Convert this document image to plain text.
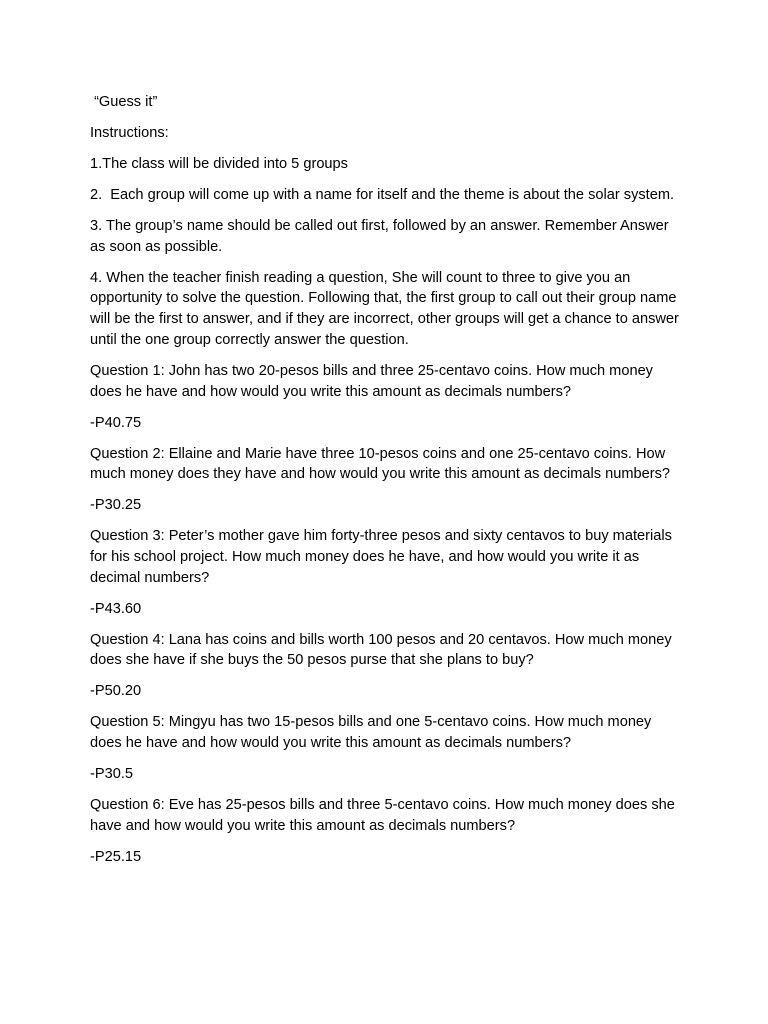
“Guess it”

Instructions:

1.The class will be divided into 5 groups

2.  Each group will come up with a name for itself and the theme is about the solar system.

3. The group’s name should be called out first, followed by an answer. Remember Answer as soon as possible.

4. When the teacher finish reading a question, She will count to three to give you an opportunity to solve the question. Following that, the first group to call out their group name will be the first to answer, and if they are incorrect, other groups will get a chance to answer until the one group correctly answer the question.

Question 1: John has two 20-pesos bills and three 25-centavo coins. How much money does he have and how would you write this amount as decimals numbers?

-P40.75

Question 2: Ellaine and Marie have three 10-pesos coins and one 25-centavo coins. How much money does they have and how would you write this amount as decimals numbers?

-P30.25

Question 3: Peter’s mother gave him forty-three pesos and sixty centavos to buy materials for his school project. How much money does he have, and how would you write it as decimal numbers?

-P43.60

Question 4: Lana has coins and bills worth 100 pesos and 20 centavos. How much money does she have if she buys the 50 pesos purse that she plans to buy?

-P50.20

Question 5: Mingyu has two 15-pesos bills and one 5-centavo coins. How much money does he have and how would you write this amount as decimals numbers?

-P30.5

Question 6: Eve has 25-pesos bills and three 5-centavo coins. How much money does she have and how would you write this amount as decimals numbers?

-P25.15
